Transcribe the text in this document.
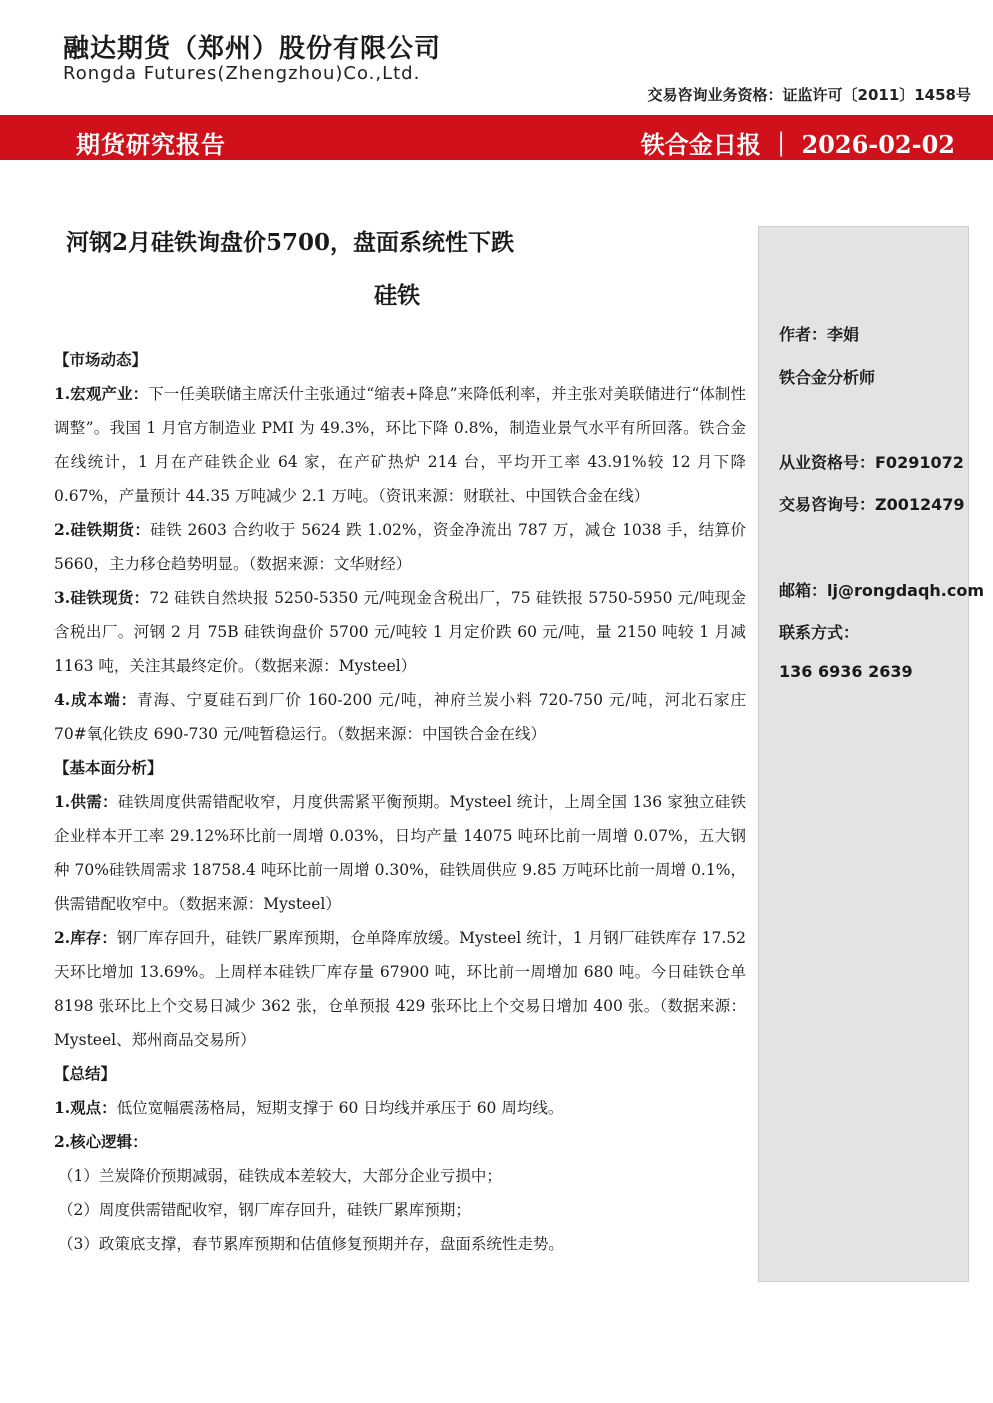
融达期货（郑州）股份有限公司
Rongda Futures(Zhengzhou)Co.,Ltd.
交易咨询业务资格：证监许可〔2011〕1458号
期货研究报告	铁合金日报 ｜ 2026-02-02
作者：李娟
铁合金分析师
从业资格号：F0291072
交易咨询号：Z0012479
邮箱：lj@rongdaqh.com
联系方式：
136 6936 2639
河钢2月硅铁询盘价5700，盘面系统性下跌
硅铁

【市场动态】

1.宏观产业：下一任美联储主席沃什主张通过“缩表+降息”来降低利率，并主张对美联储进行“体制性调整”。我国 1 月官方制造业 PMI 为 49.3%，环比下降 0.8%，制造业景气水平有所回落。铁合金在线统计，1 月在产硅铁企业 64 家，在产矿热炉 214 台，平均开工率 43.91%较 12 月下降 0.67%，产量预计 44.35 万吨减少 2.1 万吨。（资讯来源：财联社、中国铁合金在线）

2.硅铁期货：硅铁 2603 合约收于 5624 跌 1.02%，资金净流出 787 万，减仓 1038 手，结算价 5660，主力移仓趋势明显。（数据来源：文华财经）

3.硅铁现货：72 硅铁自然块报 5250-5350 元/吨现金含税出厂，75 硅铁报 5750-5950 元/吨现金含税出厂。河钢 2 月 75B 硅铁询盘价 5700 元/吨较 1 月定价跌 60 元/吨，量 2150 吨较 1 月减 1163 吨，关注其最终定价。（数据来源：Mysteel）

4.成本端：青海、宁夏硅石到厂价 160-200 元/吨，神府兰炭小料 720-750 元/吨，河北石家庄 70#氧化铁皮 690-730 元/吨暂稳运行。（数据来源：中国铁合金在线）

【基本面分析】

1.供需：硅铁周度供需错配收窄，月度供需紧平衡预期。Mysteel 统计，上周全国 136 家独立硅铁企业样本开工率 29.12%环比前一周增 0.03%，日均产量 14075 吨环比前一周增 0.07%，五大钢种 70%硅铁周需求 18758.4 吨环比前一周增 0.30%，硅铁周供应 9.85 万吨环比前一周增 0.1%，供需错配收窄中。（数据来源：Mysteel）

2.库存：钢厂库存回升，硅铁厂累库预期，仓单降库放缓。Mysteel 统计，1 月钢厂硅铁库存 17.52 天环比增加 13.69%。上周样本硅铁厂库存量 67900 吨，环比前一周增加 680 吨。今日硅铁仓单 8198 张环比上个交易日减少 362 张，仓单预报 429 张环比上个交易日增加 400 张。（数据来源：Mysteel、郑州商品交易所）

【总结】

1.观点：低位宽幅震荡格局，短期支撑于 60 日均线并承压于 60 周均线。

2.核心逻辑：

（1）兰炭降价预期减弱，硅铁成本差较大，大部分企业亏损中；

（2）周度供需错配收窄，钢厂库存回升，硅铁厂累库预期；

（3）政策底支撑，春节累库预期和估值修复预期并存，盘面系统性走势。
